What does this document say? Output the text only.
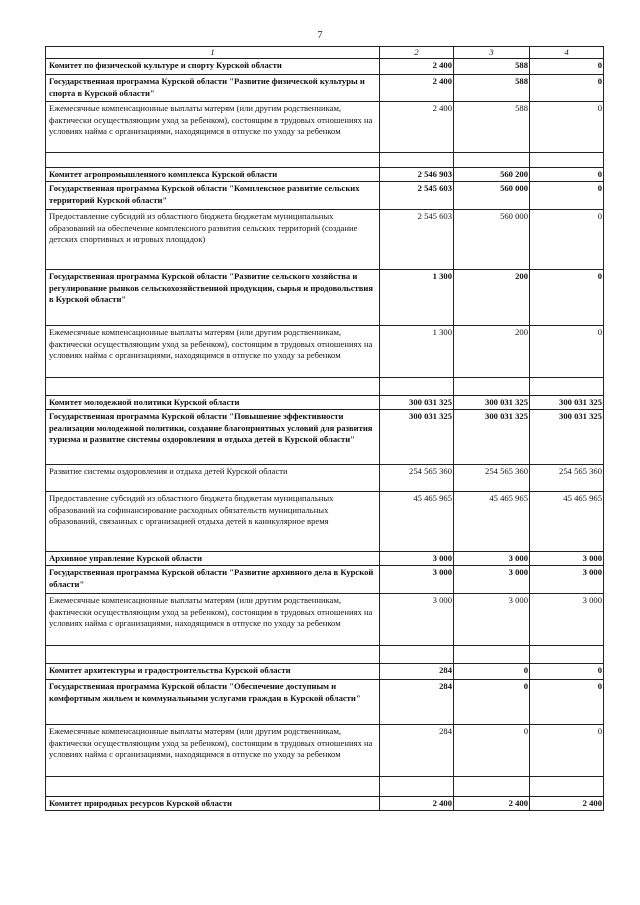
7
1	2	3	4
Комитет по физической культуре и спорту Курской области	2 400	588	0
Государственная программа Курской области "Развитие физической культуры и спорта в Курской области"	2 400	588	0
Ежемесячные компенсационные выплаты матерям (или другим родственникам, фактически осуществляющим уход за ребенком), состоящим в трудовых отношениях на условиях найма с организациями, находящимся в отпуске по уходу за ребенком	2 400	588	0

Комитет агропромышленного комплекса Курской области	2 546 903	560 200	0
Государственная программа Курской области "Комплексное развитие сельских территорий Курской области"	2 545 603	560 000	0
Предоставление субсидий из областного бюджета бюджетам муниципальных образований на обеспечение комплексного развития сельских территорий (создание детских спортивных и игровых площадок)	2 545 603	560 000	0
Государственная программа Курской области "Развитие сельского хозяйства и регулирование рынков сельскохозяйственной продукции, сырья и продовольствия в Курской области"	1 300	200	0
Ежемесячные компенсационные выплаты матерям (или другим родственникам, фактически осуществляющим уход за ребенком), состоящим в трудовых отношениях на условиях найма с организациями, находящимся в отпуске по уходу за ребенком	1 300	200	0

Комитет молодежной политики Курской области	300 031 325	300 031 325	300 031 325
Государственная программа Курской области "Повышение эффективности реализации молодежной политики, создание благоприятных условий для развития туризма и развитие системы оздоровления и отдыха детей в Курской области"	300 031 325	300 031 325	300 031 325
Развитие системы оздоровления и отдыха детей Курской области	254 565 360	254 565 360	254 565 360
Предоставление субсидий из областного бюджета бюджетам муниципальных образований на софинансирование расходных обязательств муниципальных образований, связанных с организацией отдыха детей в каникулярное время	45 465 965	45 465 965	45 465 965
Архивное управление Курской области	3 000	3 000	3 000
Государственная программа Курской области "Развитие архивного дела в Курской области"	3 000	3 000	3 000
Ежемесячные компенсационные выплаты матерям (или другим родственникам, фактически осуществляющим уход за ребенком), состоящим в трудовых отношениях на условиях найма с организациями, находящимся в отпуске по уходу за ребенком	3 000	3 000	3 000

Комитет архитектуры и градостроительства Курской области	284	0	0
Государственная программа Курской области "Обеспечение доступным и комфортным жильем и коммунальными услугами граждан в Курской области"	284	0	0
Ежемесячные компенсационные выплаты матерям (или другим родственникам, фактически осуществляющим уход за ребенком), состоящим в трудовых отношениях на условиях найма с организациями, находящимся в отпуске по уходу за ребенком	284	0	0

Комитет природных ресурсов Курской области	2 400	2 400	2 400
